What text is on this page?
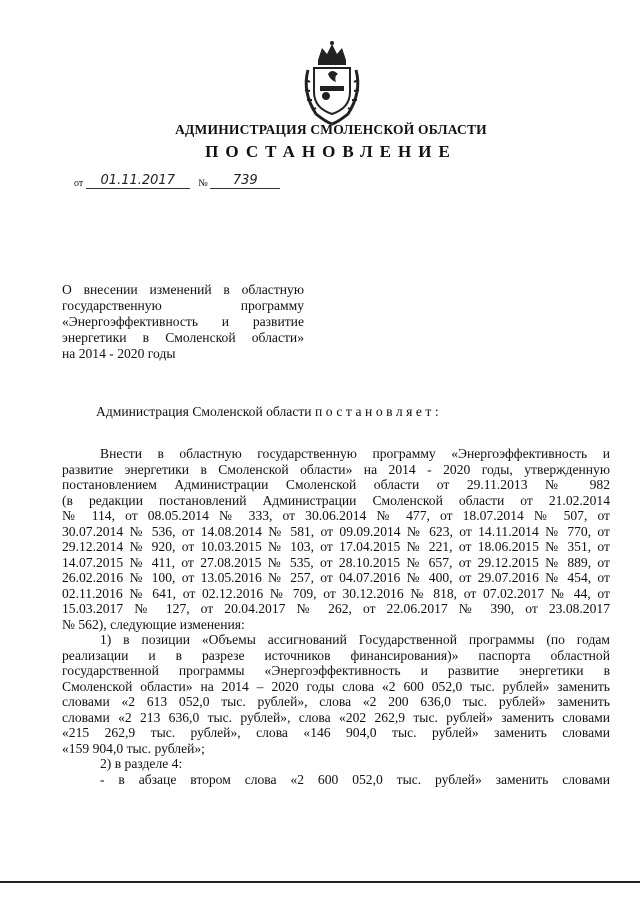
АДМИНИСТРАЦИЯ СМОЛЕНСКОЙ ОБЛАСТИ
ПОСТАНОВЛЕНИЕ
от 01.11.2017 № 739
О внесении изменений в областную
государственную программу
«Энергоэффективность и развитие
энергетики в Смоленской области»
на 2014 - 2020 годы
Администрация Смоленской области постановляет:
Внести в областную государственную программу «Энергоэффективность и
развитие энергетики в Смоленской области» на 2014 - 2020 годы, утвержденную
постановлением Администрации Смоленской области от 29.11.2013 № 982
(в редакции постановлений Администрации Смоленской области от 21.02.2014
№ 114, от 08.05.2014 № 333, от 30.06.2014 № 477, от 18.07.2014 № 507, от
30.07.2014 № 536, от 14.08.2014 № 581, от 09.09.2014 № 623, от 14.11.2014 № 770, от
29.12.2014 № 920, от 10.03.2015 № 103, от 17.04.2015 № 221, от 18.06.2015 № 351, от
14.07.2015 № 411, от 27.08.2015 № 535, от 28.10.2015 № 657, от 29.12.2015 № 889, от
26.02.2016 № 100, от 13.05.2016 № 257, от 04.07.2016 № 400, от 29.07.2016 № 454, от
02.11.2016 № 641, от 02.12.2016 № 709, от 30.12.2016 № 818, от 07.02.2017 № 44, от
15.03.2017 № 127, от 20.04.2017 № 262, от 22.06.2017 № 390, от 23.08.2017
№ 562), следующие изменения:
1) в позиции «Объемы ассигнований Государственной программы (по годам
реализации и в разрезе источников финансирования)» паспорта областной
государственной программы «Энергоэффективность и развитие энергетики в
Смоленской области» на 2014 – 2020 годы слова «2 600 052,0 тыс. рублей» заменить
словами «2 613 052,0 тыс. рублей», слова «2 200 636,0 тыс. рублей» заменить
словами «2 213 636,0 тыс. рублей», слова «202 262,9 тыс. рублей» заменить словами
«215 262,9 тыс. рублей», слова «146 904,0 тыс. рублей» заменить словами
«159 904,0 тыс. рублей»;
2) в разделе 4:
- в абзаце втором слова «2 600 052,0 тыс. рублей» заменить словами
